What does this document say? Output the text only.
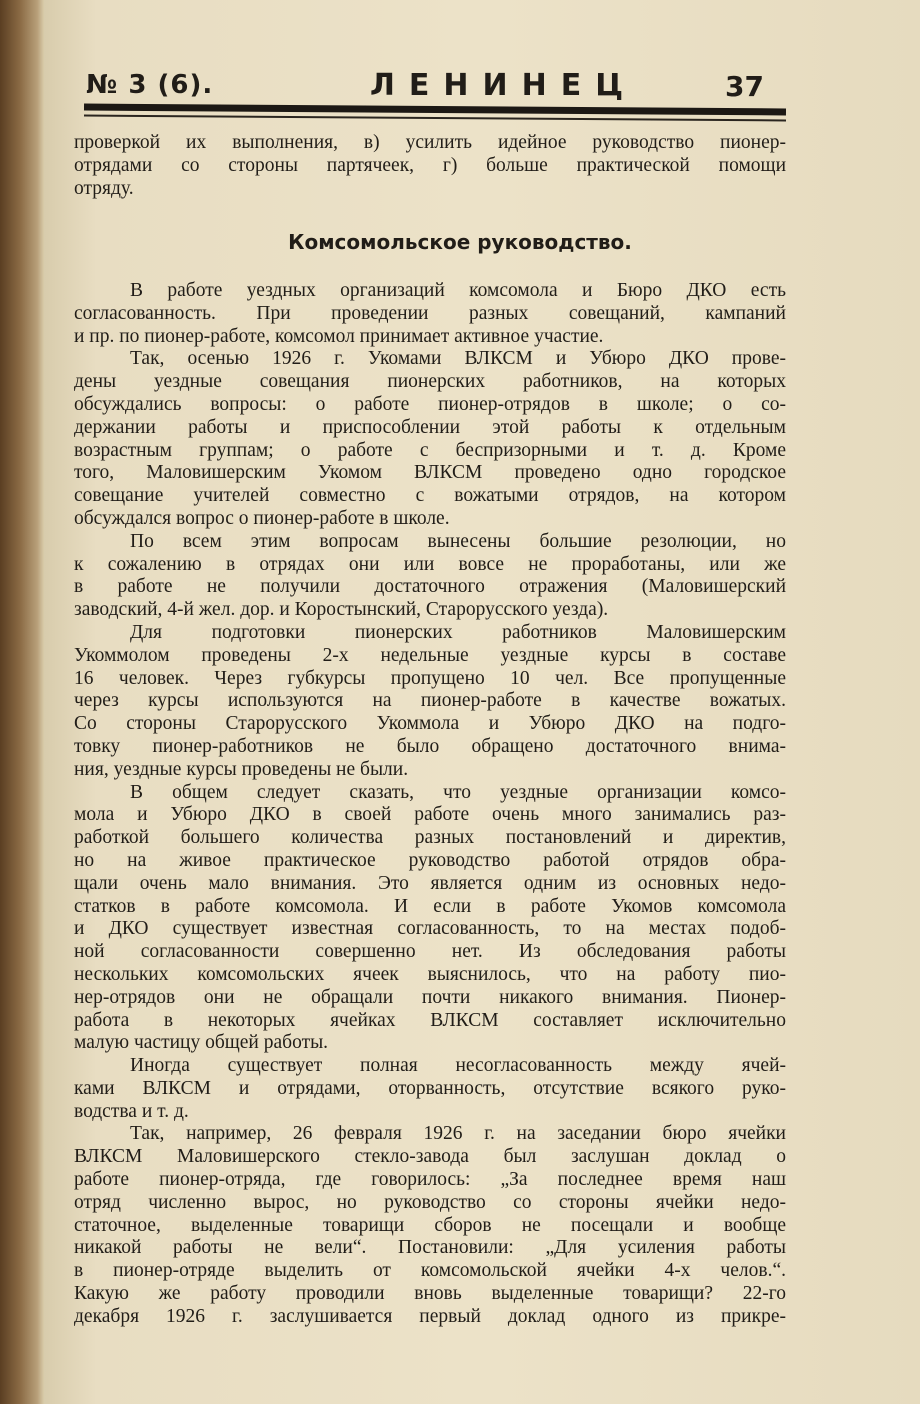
№ 3 (6).	ЛЕНИНЕЦ	37
проверкой их выполнения, в) усилить идейное руководство пионер-
отрядами со стороны партячеек, г) больше практической помощи
отряду.
Комсомольское руководство.
В работе уездных организаций комсомола и Бюро ДКО есть
согласованность. При проведении разных совещаний, кампаний
и пр. по пионер-работе, комсомол принимает активное участие.
Так, осенью 1926 г. Укомами ВЛКСМ и Убюро ДКО прове-
дены уездные совещания пионерских работников, на которых
обсуждались вопросы: о работе пионер-отрядов в школе; о со-
держании работы и приспособлении этой работы к отдельным
возрастным группам; о работе с беспризорными и т. д. Кроме
того, Маловишерским Укомом ВЛКСМ проведено одно городское
совещание учителей совместно с вожатыми отрядов, на котором
обсуждался вопрос о пионер-работе в школе.
По всем этим вопросам вынесены большие резолюции, но
к сожалению в отрядах они или вовсе не проработаны, или же
в работе не получили достаточного отражения (Маловишерский
заводский, 4-й жел. дор. и Коростынский, Старорусского уезда).
Для подготовки пионерских работников Маловишерским
Укоммолом проведены 2-х недельные уездные курсы в составе
16 человек. Через губкурсы пропущено 10 чел. Все пропущенные
через курсы используются на пионер-работе в качестве вожатых.
Со стороны Старорусского Укоммола и Убюро ДКО на подго-
товку пионер-работников не было обращено достаточного внима-
ния, уездные курсы проведены не были.
В общем следует сказать, что уездные организации комсо-
мола и Убюро ДКО в своей работе очень много занимались раз-
работкой большего количества разных постановлений и директив,
но на живое практическое руководство работой отрядов обра-
щали очень мало внимания. Это является одним из основных недо-
статков в работе комсомола. И если в работе Укомов комсомола
и ДКО существует известная согласованность, то на местах подоб-
ной согласованности совершенно нет. Из обследования работы
нескольких комсомольских ячеек выяснилось, что на работу пио-
нер-отрядов они не обращали почти никакого внимания. Пионер-
работа в некоторых ячейках ВЛКСМ составляет исключительно
малую частицу общей работы.
Иногда существует полная несогласованность между ячей-
ками ВЛКСМ и отрядами, оторванность, отсутствие всякого руко-
водства и т. д.
Так, например, 26 февраля 1926 г. на заседании бюро ячейки
ВЛКСМ Маловишерского стекло-завода был заслушан доклад о
работе пионер-отряда, где говорилось: „За последнее время наш
отряд численно вырос, но руководство со стороны ячейки недо-
статочное, выделенные товарищи сборов не посещали и вообще
никакой работы не вели“. Постановили: „Для усиления работы
в пионер-отряде выделить от комсомольской ячейки 4-х челов.“.
Какую же работу проводили вновь выделенные товарищи? 22-го
декабря 1926 г. заслушивается первый доклад одного из прикре-
